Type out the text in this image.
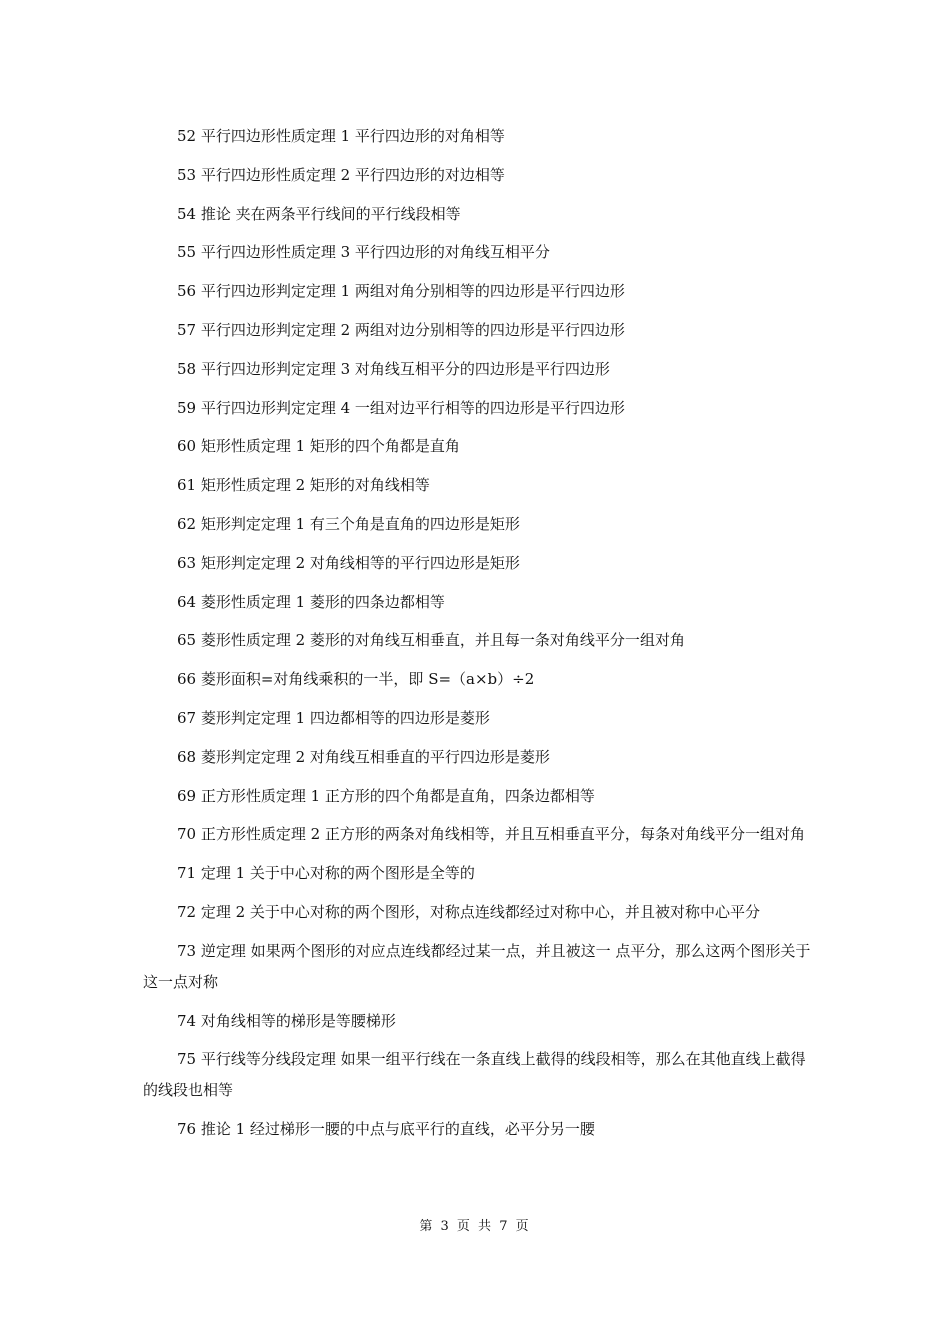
52 平行四边形性质定理 1 平行四边形的对角相等

53 平行四边形性质定理 2 平行四边形的对边相等

54 推论 夹在两条平行线间的平行线段相等

55 平行四边形性质定理 3 平行四边形的对角线互相平分

56 平行四边形判定定理 1 两组对角分别相等的四边形是平行四边形

57 平行四边形判定定理 2 两组对边分别相等的四边形是平行四边形

58 平行四边形判定定理 3 对角线互相平分的四边形是平行四边形

59 平行四边形判定定理 4 一组对边平行相等的四边形是平行四边形

60 矩形性质定理 1 矩形的四个角都是直角

61 矩形性质定理 2 矩形的对角线相等

62 矩形判定定理 1 有三个角是直角的四边形是矩形

63 矩形判定定理 2 对角线相等的平行四边形是矩形

64 菱形性质定理 1 菱形的四条边都相等

65 菱形性质定理 2 菱形的对角线互相垂直，并且每一条对角线平分一组对角

66 菱形面积=对角线乘积的一半，即 S=（a×b）÷2

67 菱形判定定理 1 四边都相等的四边形是菱形

68 菱形判定定理 2 对角线互相垂直的平行四边形是菱形

69 正方形性质定理 1 正方形的四个角都是直角，四条边都相等

70 正方形性质定理 2 正方形的两条对角线相等，并且互相垂直平分，每条对角线平分一组对角

71 定理 1 关于中心对称的两个图形是全等的

72 定理 2 关于中心对称的两个图形，对称点连线都经过对称中心，并且被对称中心平分

73 逆定理 如果两个图形的对应点连线都经过某一点，并且被这一 点平分，那么这两个图形关于这一点对称

74 对角线相等的梯形是等腰梯形

75 平行线等分线段定理 如果一组平行线在一条直线上截得的线段相等，那么在其他直线上截得的线段也相等

76 推论 1 经过梯形一腰的中点与底平行的直线，必平分另一腰

第 3 页 共 7 页
